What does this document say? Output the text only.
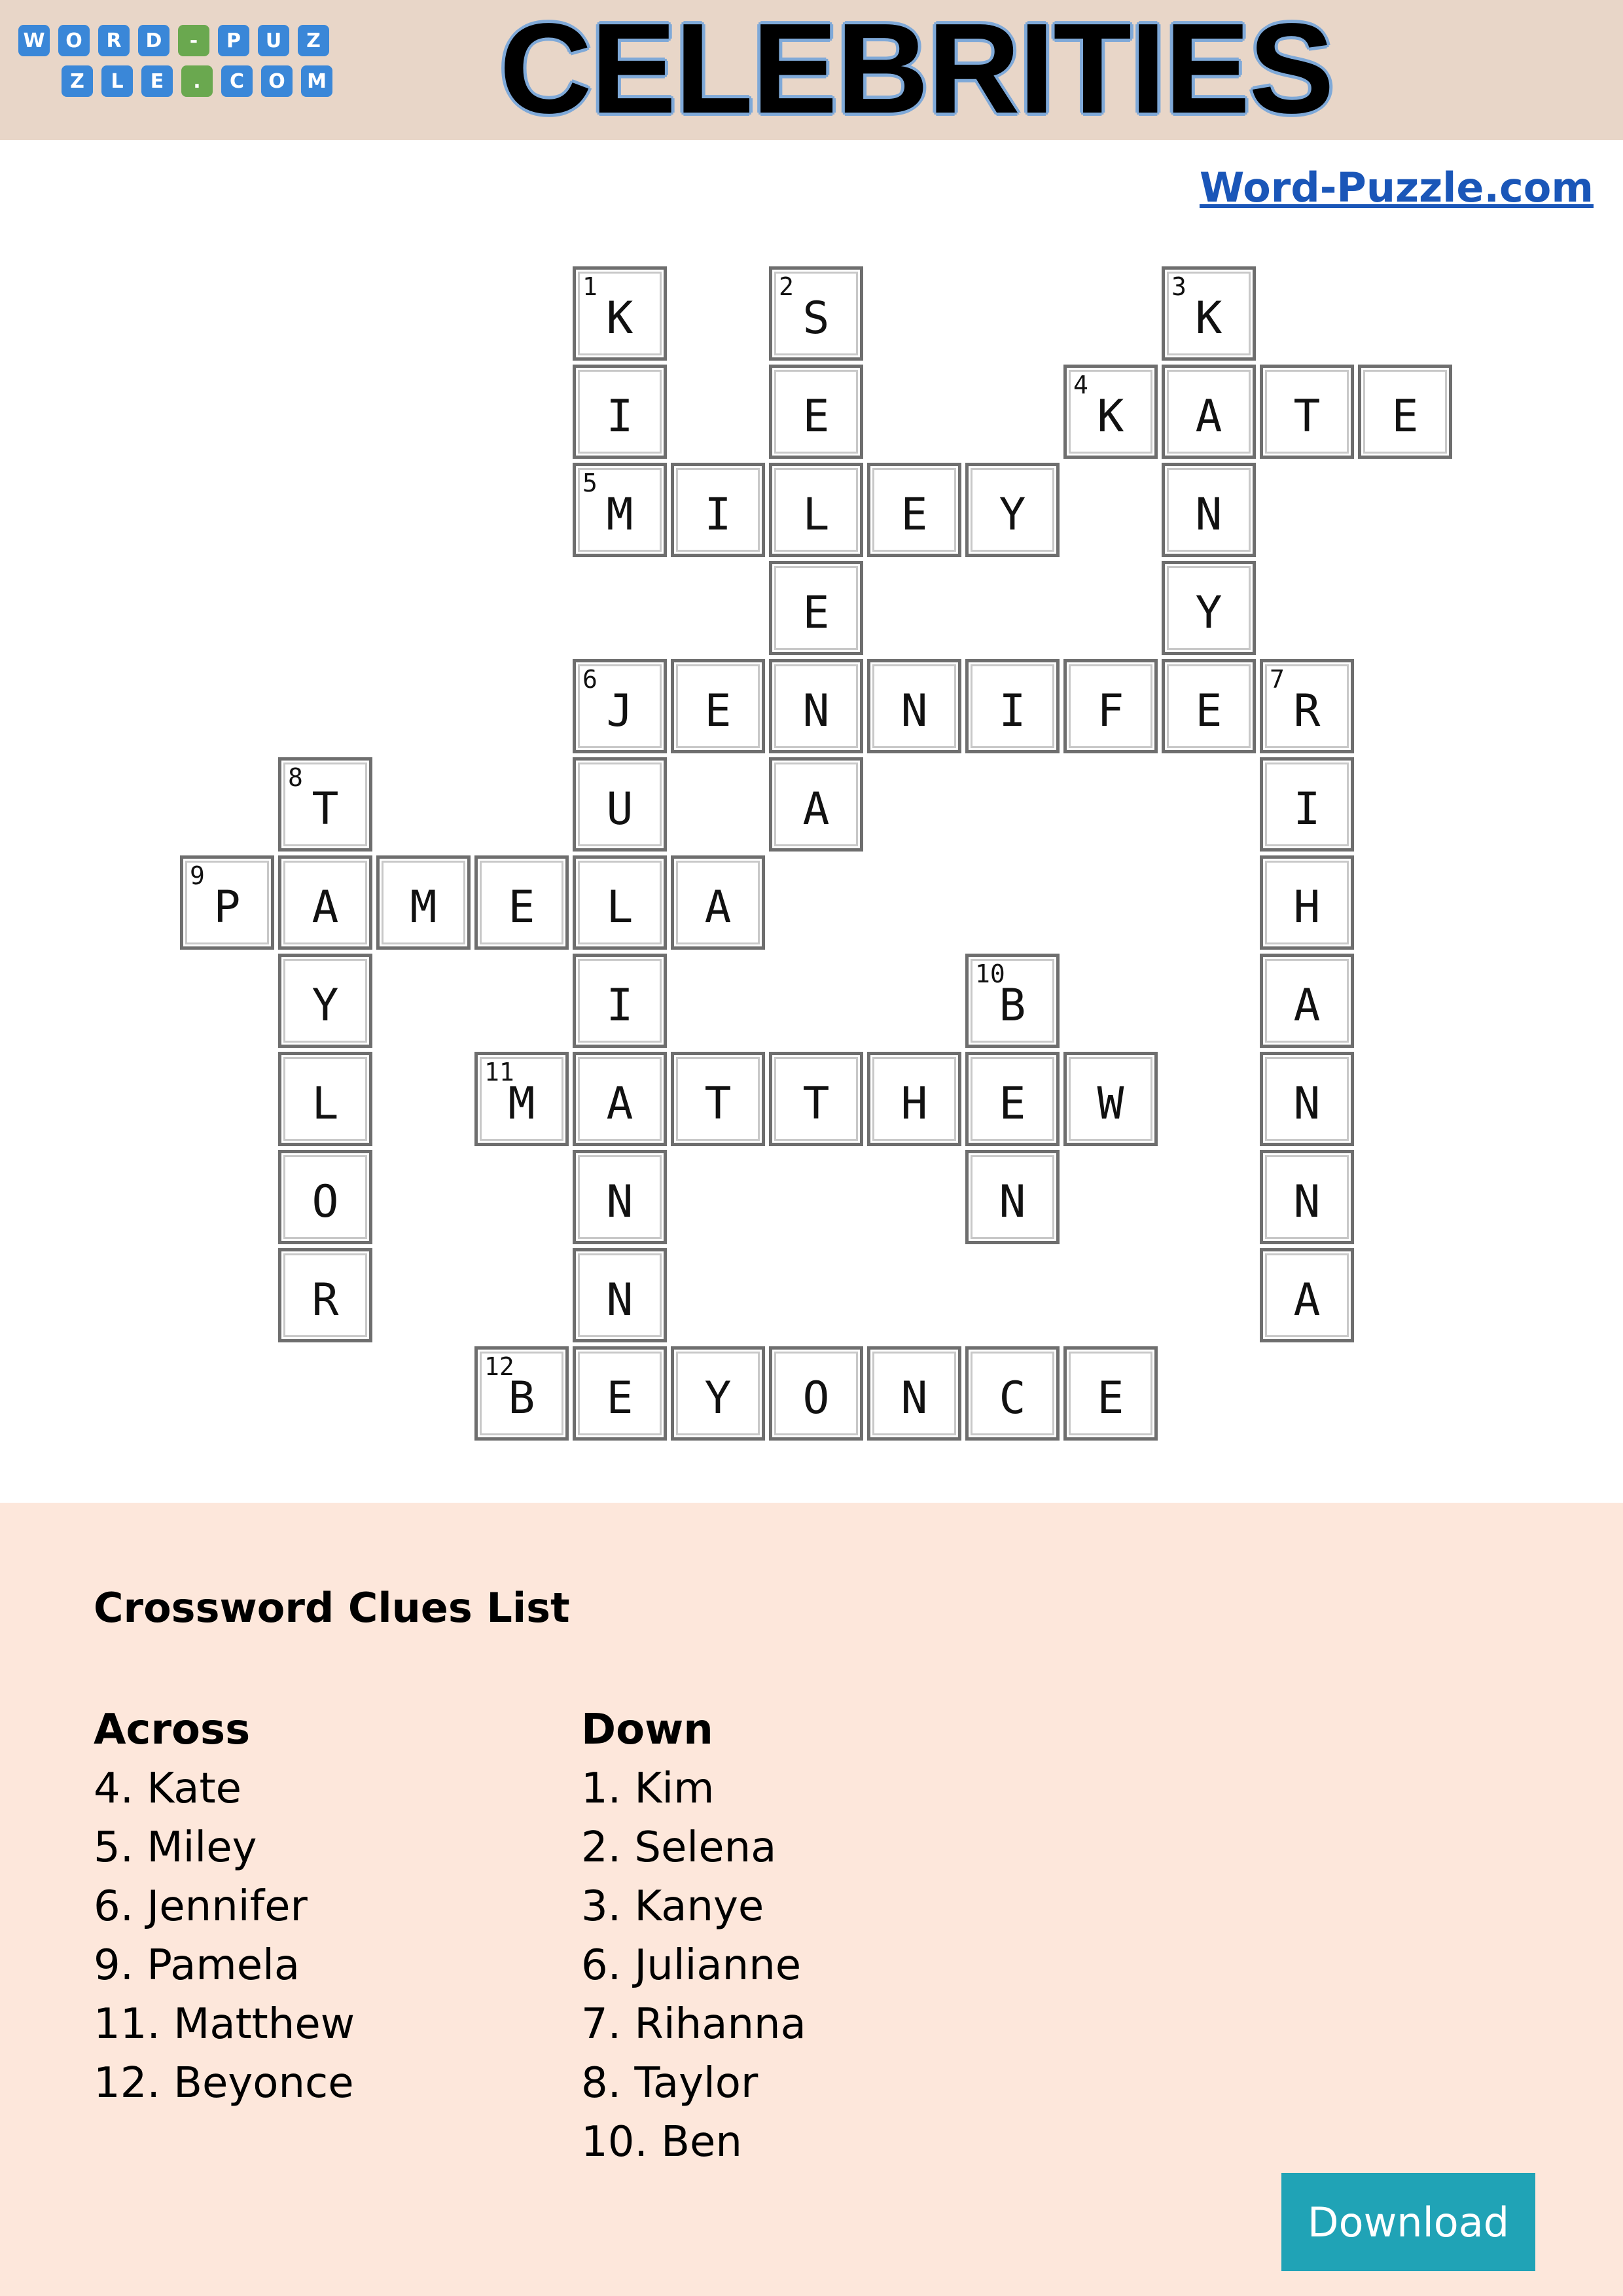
W	O	R	D	-	P	U	Z
Z	L	E	.	C	O	M	CELEBRITIES
Word-Puzzle.com
1
K
I
5
M
2
S
E
L
E
N
A
3
K
A
N
Y
E
4
K	T	E
I	E	Y
6
J	E	N	I	F
7
R
U
L
I
A
N
N
E
I
H
A
N
N
A
8
T
A
Y
L
O
R
9
P	M	E	A
10
B
E
N
11
M	T	T	H	W
12
B	Y	O	N	C	E
Crossword Clues List
Across
4. Kate
5. Miley
6. Jennifer
9. Pamela
11. Matthew
12. Beyonce
Down
1. Kim
2. Selena
3. Kanye
6. Julianne
7. Rihanna
8. Taylor
10. Ben
Download
